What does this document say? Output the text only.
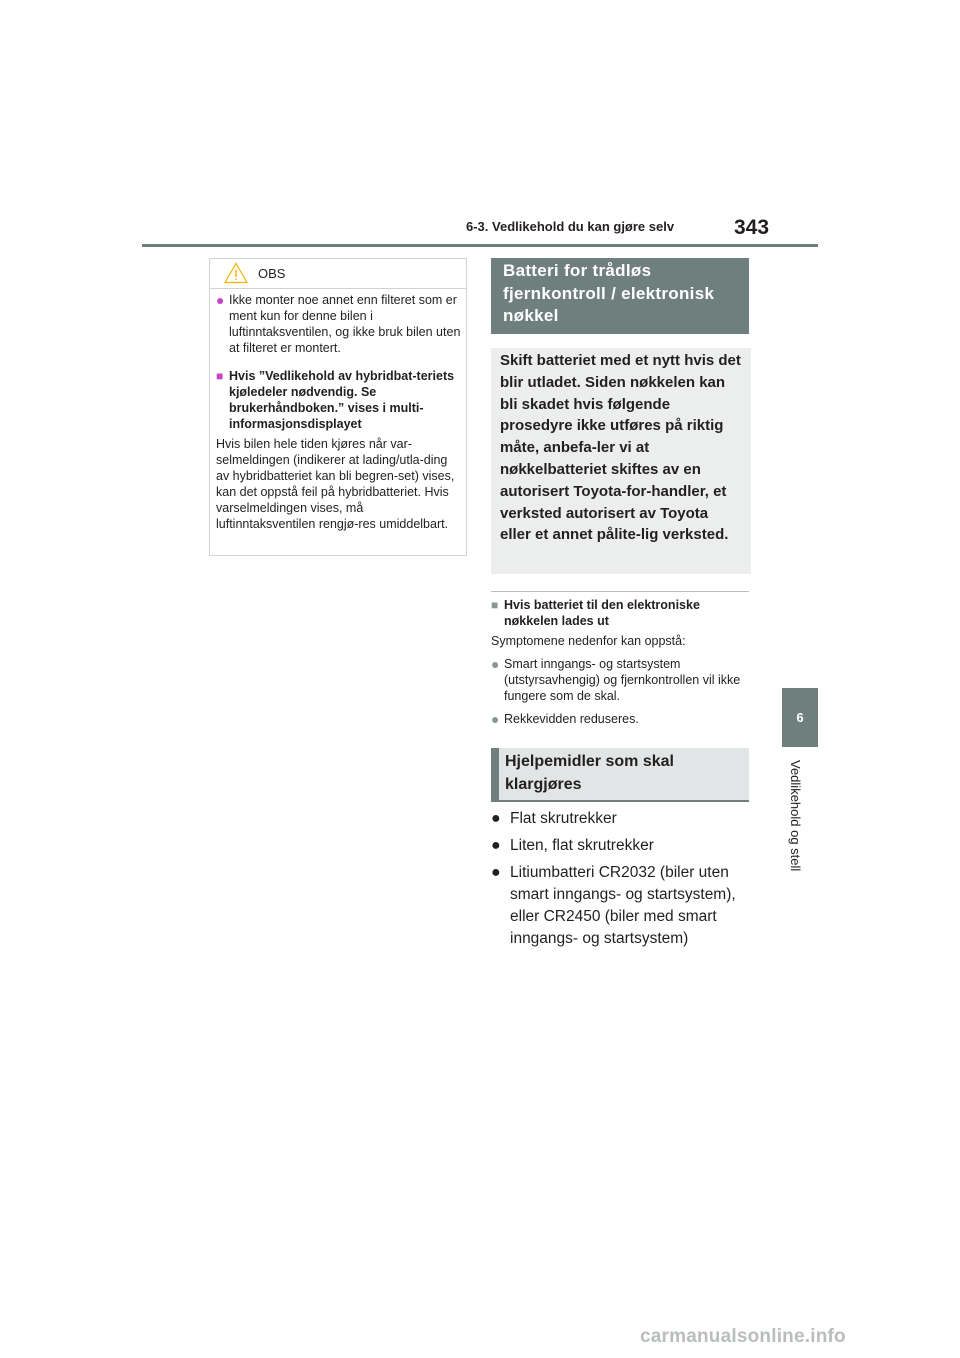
6-3. Vedlikehold du kan gjøre selv	343
6
Vedlikehold og stell
OBS
● Ikke monter noe annet enn filteret som er ment kun for denne bilen i luftinntaksventilen, og ikke bruk bilen uten at filteret er montert.
■ Hvis ”Vedlikehold av hybridbat-teriets kjøledeler nødvendig. Se brukerhåndboken.” vises i multi-informasjonsdisplayet

Hvis bilen hele tiden kjøres når var-selmeldingen (indikerer at lading/utla-ding av hybridbatteriet kan bli begren-set) vises, kan det oppstå feil på hybridbatteriet. Hvis varselmeldingen vises, må luftinntaksventilen rengjø-res umiddelbart.

Batteri for trådløs fjernkontroll / elektronisk nøkkel
Skift batteriet med et nytt hvis det blir utladet. Siden nøkkelen kan bli skadet hvis følgende prosedyre ikke utføres på riktig måte, anbefa-ler vi at nøkkelbatteriet skiftes av en autorisert Toyota-for-handler, et verksted autorisert av Toyota eller et annet pålite-lig verksted.
■ Hvis batteriet til den elektroniske nøkkelen lades ut

Symptomene nedenfor kan oppstå:

● Smart inngangs- og startsystem (utstyrsavhengig) og fjernkontrollen vil ikke fungere som de skal.
● Rekkevidden reduseres.
Hjelpemidler som skal klargjøres
● Flat skrutrekker
● Liten, flat skrutrekker
● Litiumbatteri CR2032 (biler uten smart inngangs- og startsystem), eller CR2450 (biler med smart inngangs- og startsystem)
carmanualsonline.info
